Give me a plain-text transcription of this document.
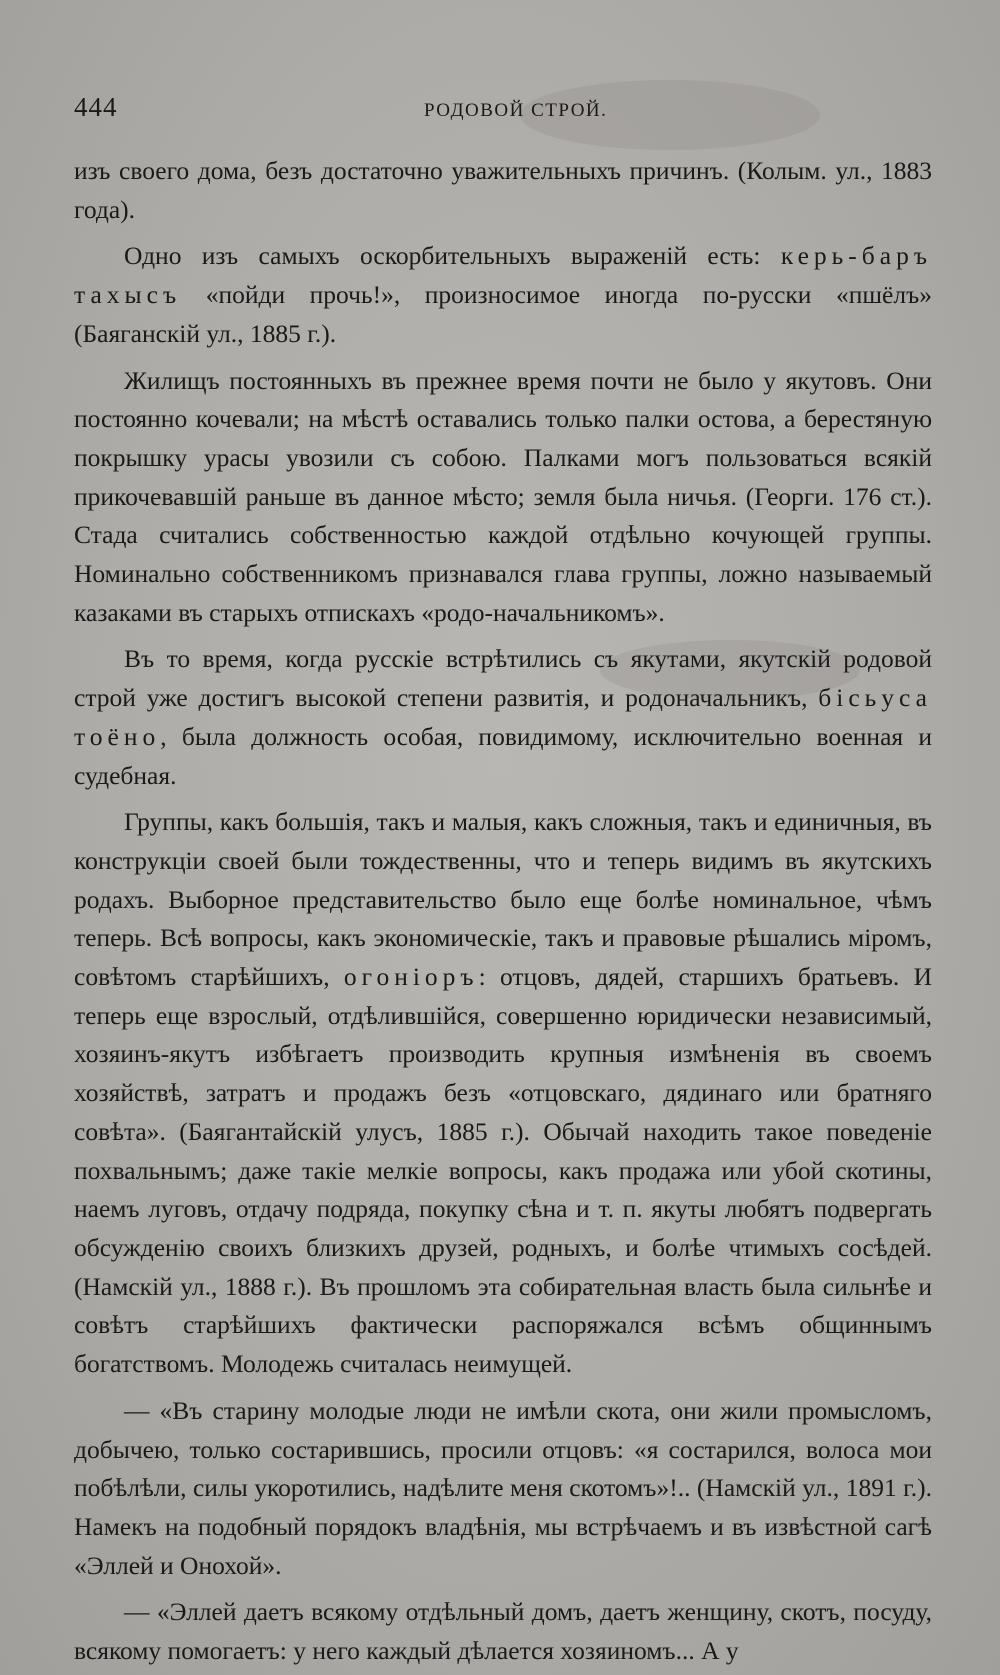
444	РОДОВОЙ СТРОЙ.

изъ своего дома, безъ достаточно уважительныхъ причинъ. (Колым. ул., 1883 года).

Одно изъ самыхъ оскорбительныхъ выраженій есть: керь-баръ тахысъ «пойди прочь!», произносимое иногда по-русски «пшёлъ» (Баяганскій ул., 1885 г.).

Жилищъ постоянныхъ въ прежнее время почти не было у якутовъ. Они постоянно кочевали; на мѣстѣ оставались только палки остова, а берестяную покрышку урасы увозили съ собою. Палками могъ пользоваться всякій прикочевавшій раньше въ данное мѣсто; земля была ничья. (Георги. 176 ст.). Стада считались собственностью каждой отдѣльно кочующей группы. Номинально собственникомъ признавался глава группы, ложно называемый казаками въ старыхъ отпискахъ «родо-начальникомъ».

Въ то время, когда русскіе встрѣтились съ якутами, якутскій родовой строй уже достигъ высокой степени развитія, и родоначальникъ, бісьуса тоёно, была должность особая, повидимому, исключительно военная и судебная.

Группы, какъ большія, такъ и малыя, какъ сложныя, такъ и единичныя, въ конструкціи своей были тождественны, что и теперь видимъ въ якутскихъ родахъ. Выборное представительство было еще болѣе номинальное, чѣмъ теперь. Всѣ вопросы, какъ экономическіе, такъ и правовые рѣшались міромъ, совѣтомъ старѣйшихъ, огоніоръ: отцовъ, дядей, старшихъ братьевъ. И теперь еще взрослый, отдѣлившійся, совершенно юридически независимый, хозяинъ-якутъ избѣгаетъ производить крупныя измѣненія въ своемъ хозяйствѣ, затратъ и продажъ безъ «отцовскаго, дядинаго или братняго совѣта». (Баягантайскій улусъ, 1885 г.). Обычай находить такое поведеніе похвальнымъ; даже такіе мелкіе вопросы, какъ продажа или убой скотины, наемъ луговъ, отдачу подряда, покупку сѣна и т. п. якуты любятъ подвергать обсужденію своихъ близкихъ друзей, родныхъ, и болѣе чтимыхъ сосѣдей. (Намскій ул., 1888 г.). Въ прошломъ эта собирательная власть была сильнѣе и совѣтъ старѣйшихъ фактически распоряжался всѣмъ общиннымъ богатствомъ. Молодежь считалась неимущей.

— «Въ старину молодые люди не имѣли скота, они жили промысломъ, добычею, только состарившись, просили отцовъ: «я состарился, волоса мои побѣлѣли, силы укоротились, надѣлите меня скотомъ»!.. (Намскій ул., 1891 г.). Намекъ на подобный порядокъ владѣнія, мы встрѣчаемъ и въ извѣстной сагѣ «Эллей и Онохой».

— «Эллей даетъ всякому отдѣльный домъ, даетъ женщину, скотъ, посуду, всякому помогаетъ: у него каждый дѣлается хозяиномъ... А у
